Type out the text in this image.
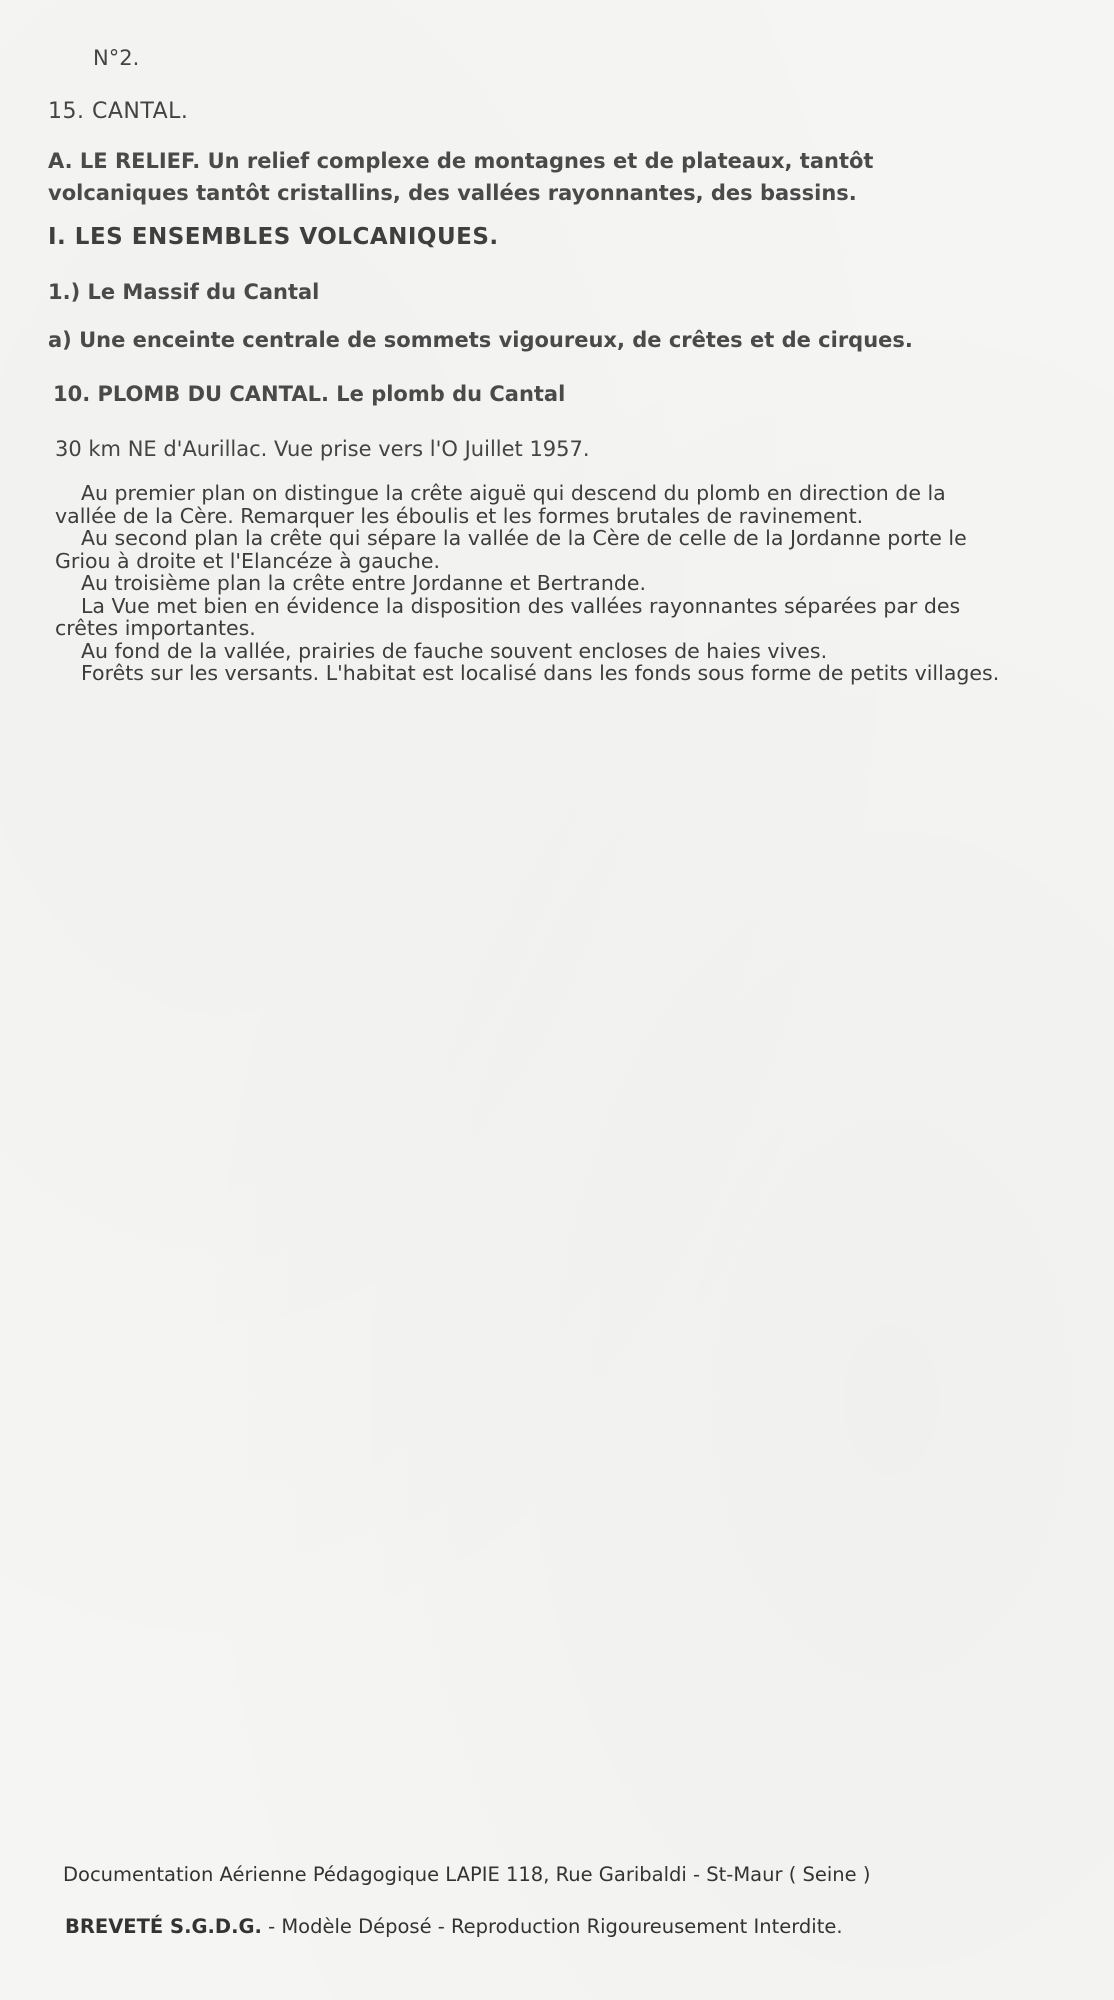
N°2.
15. CANTAL.
A. LE RELIEF. Un relief complexe de montagnes et de plateaux, tantôt volcaniques tantôt cristallins, des vallées rayonnantes, des bassins.
I. LES ENSEMBLES VOLCANIQUES.
1.) Le Massif du Cantal
a) Une enceinte centrale de sommets vigoureux, de crêtes et de cirques.
10. PLOMB DU CANTAL. Le plomb du Cantal
30 km NE d'Aurillac. Vue prise vers l'O Juillet 1957.

Au premier plan on distingue la crête aiguë qui descend du plomb en direction de la vallée de la Cère. Remarquer les éboulis et les formes brutales de ravinement.

Au second plan la crête qui sépare la vallée de la Cère de celle de la Jordanne porte le Griou à droite et l'Elancéze à gauche.

Au troisième plan la crête entre Jordanne et Bertrande.

La Vue met bien en évidence la disposition des vallées rayonnantes séparées par des crêtes importantes.

Au fond de la vallée, prairies de fauche souvent encloses de haies vives.

Forêts sur les versants. L'habitat est localisé dans les fonds sous forme de petits villages.

Documentation Aérienne Pédagogique LAPIE 118, Rue Garibaldi - St-Maur ( Seine )
BREVETÉ S.G.D.G. - Modèle Déposé - Reproduction Rigoureusement Interdite.
